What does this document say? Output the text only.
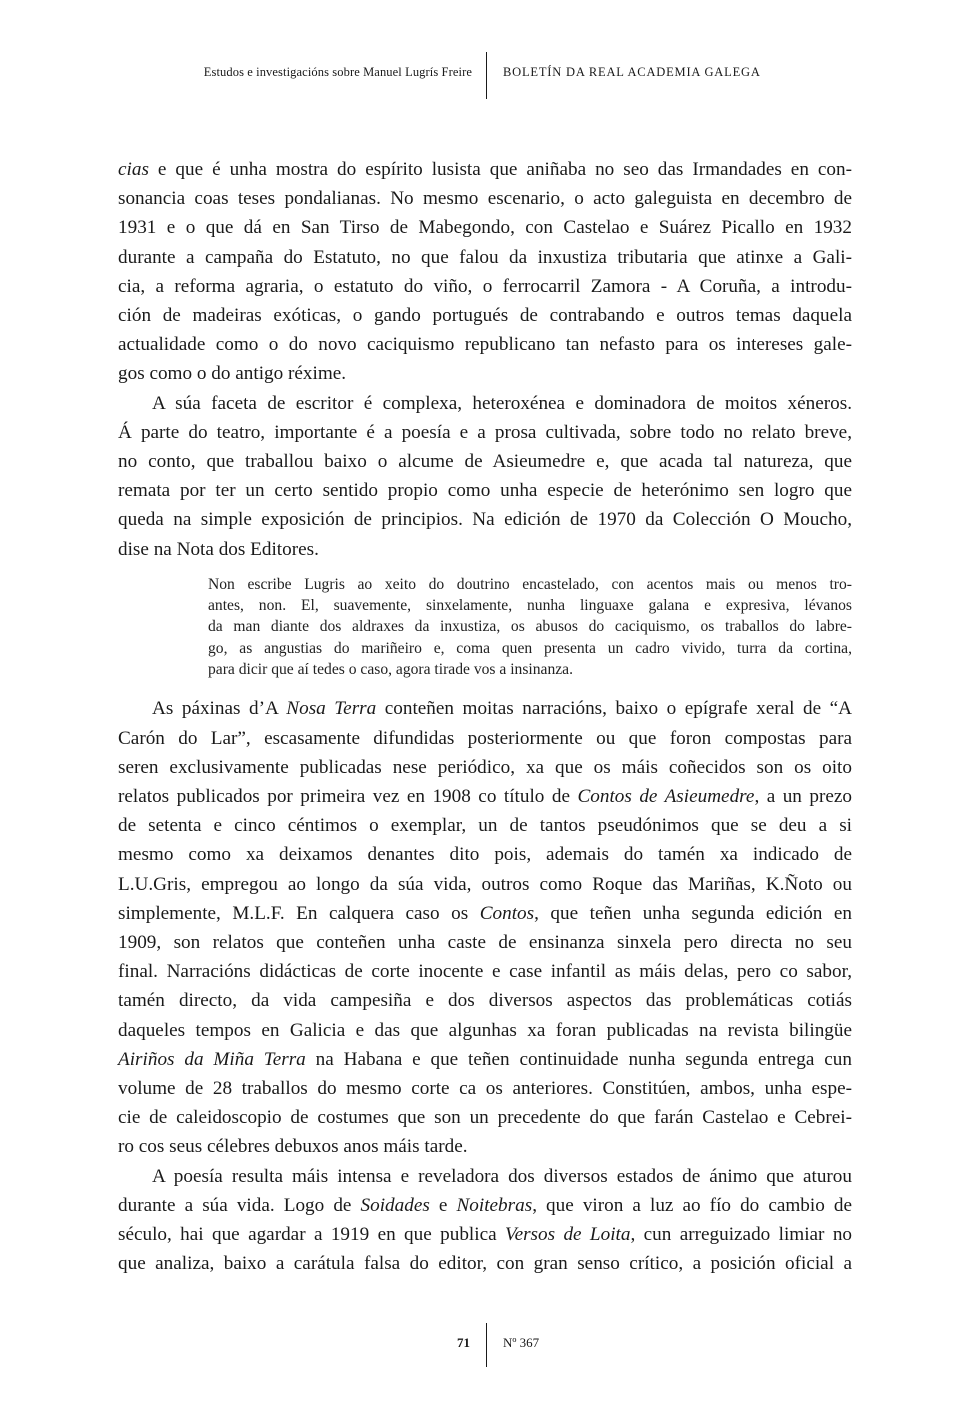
Estudos e investigacións sobre Manuel Lugrís Freire BOLETÍN DA REAL ACADEMIA GALEGA

cias e que é unha mostra do espírito lusista que aniñaba no seo das Irmandades en con-
sonancia coas teses pondalianas. No mesmo escenario, o acto galeguista en decembro de
1931 e o que dá en San Tirso de Mabegondo, con Castelao e Suárez Picallo en 1932
durante a campaña do Estatuto, no que falou da inxustiza tributaria que atinxe a Gali-
cia, a reforma agraria, o estatuto do viño, o ferrocarril Zamora - A Coruña, a introdu-
ción de madeiras exóticas, o gando portugués de contrabando e outros temas daquela
actualidade como o do novo caciquismo republicano tan nefasto para os intereses gale-
gos como o do antigo réxime.

A súa faceta de escritor é complexa, heteroxénea e dominadora de moitos xéneros.
Á parte do teatro, importante é a poesía e a prosa cultivada, sobre todo no relato breve,
no conto, que traballou baixo o alcume de Asieumedre e, que acada tal natureza, que
remata por ter un certo sentido propio como unha especie de heterónimo sen logro que
queda na simple exposición de principios. Na edición de 1970 da Colección O Moucho,
dise na Nota dos Editores.

Non escribe Lugris ao xeito do doutrino encastelado, con acentos mais ou menos tro-
antes, non. El, suavemente, sinxelamente, nunha linguaxe galana e expresiva, lévanos
da man diante dos aldraxes da inxustiza, os abusos do caciquismo, os traballos do labre-
go, as angustias do mariñeiro e, coma quen presenta un cadro vivido, turra da cortina,
para dicir que aí tedes o caso, agora tirade vos a insinanza.

As páxinas d’A Nosa Terra conteñen moitas narracións, baixo o epígrafe xeral de “A
Carón do Lar”, escasamente difundidas posteriormente ou que foron compostas para
seren exclusivamente publicadas nese periódico, xa que os máis coñecidos son os oito
relatos publicados por primeira vez en 1908 co título de Contos de Asieumedre, a un prezo
de setenta e cinco céntimos o exemplar, un de tantos pseudónimos que se deu a si
mesmo como xa deixamos denantes dito pois, ademais do tamén xa indicado de
L.U.Gris, empregou ao longo da súa vida, outros como Roque das Mariñas, K.Ñoto ou
simplemente, M.L.F. En calquera caso os Contos, que teñen unha segunda edición en
1909, son relatos que conteñen unha caste de ensinanza sinxela pero directa no seu
final. Narracións didácticas de corte inocente e case infantil as máis delas, pero co sabor,
tamén directo, da vida campesiña e dos diversos aspectos das problemáticas cotiás
daqueles tempos en Galicia e das que algunhas xa foran publicadas na revista bilingüe
Airiños da Miña Terra na Habana e que teñen continuidade nunha segunda entrega cun
volume de 28 traballos do mesmo corte ca os anteriores. Constitúen, ambos, unha espe-
cie de caleidoscopio de costumes que son un precedente do que farán Castelao e Cebrei-
ro cos seus célebres debuxos anos máis tarde.

A poesía resulta máis intensa e reveladora dos diversos estados de ánimo que aturou
durante a súa vida. Logo de Soidades e Noitebras, que viron a luz ao fío do cambio de
século, hai que agardar a 1919 en que publica Versos de Loita, cun arreguizado limiar no
que analiza, baixo a carátula falsa do editor, con gran senso crítico, a posición oficial a

71	Nº 367
